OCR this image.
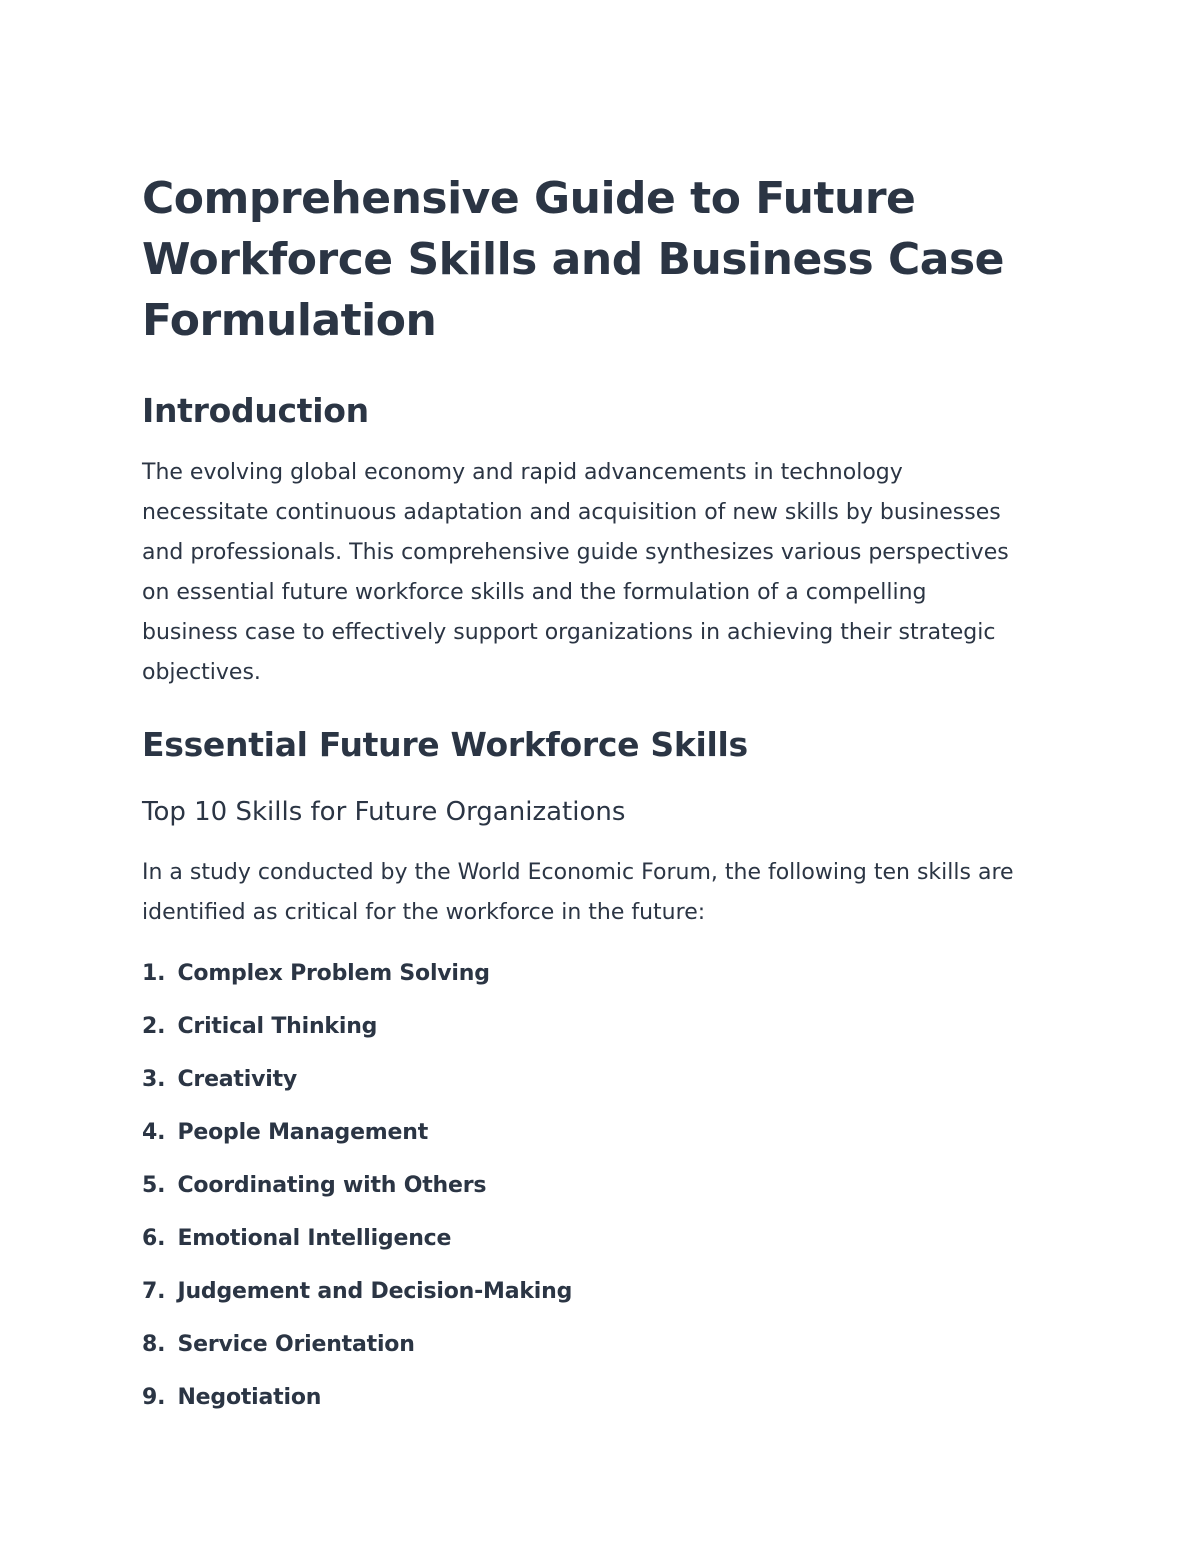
Comprehensive Guide to Future Workforce Skills and Business Case Formulation
Introduction

The evolving global economy and rapid advancements in technology necessitate continuous adaptation and acquisition of new skills by businesses and professionals. This comprehensive guide synthesizes various perspectives on essential future workforce skills and the formulation of a compelling business case to effectively support organizations in achieving their strategic objectives.

Essential Future Workforce Skills
Top 10 Skills for Future Organizations

In a study conducted by the World Economic Forum, the following ten skills are identified as critical for the workforce in the future:

1. Complex Problem Solving
2. Critical Thinking
3. Creativity
4. People Management
5. Coordinating with Others
6. Emotional Intelligence
7. Judgement and Decision-Making
8. Service Orientation
9. Negotiation
